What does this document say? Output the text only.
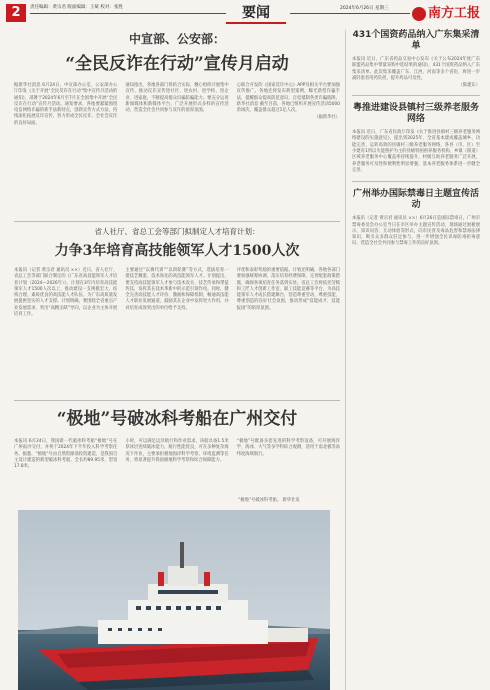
2	责任编辑：黄宗君 版面编辑：王斌 校对：张胜	要闻	2024年6月26日 星期三	南方工报
中宣部、公安部：
“全民反诈在行动”宣传月启动
据新华社消息 6月24日，中宣部办公室、公安部办公厅印发《关于开展“全民反诈在行动”集中宣传月活动的通知》，部署于2024年6月至7月在全国集中开展“全民反诈在行动”宣传月活动。通知要求，各地要紧紧围绕电信网络诈骗的新手法新特点，创新宣传方式方法，持续深化拓展反诈宣传，努力形成全民反诈、全社会反诈的良好局面。
通知指出，各地各部门将结合实际，精心组织开展集中宣传，推动反诈宣传进社区、进农村、进学校、进企业、进家庭，不断提高群众识骗防骗能力。要充分运用新闻媒体和新媒体平台，广泛开展形式多样的宣传活动，营造全社会共同参与反诈的浓厚氛围。
心联合开发的《国家反诈中心》APP及相关平台要加强宣传推广。各地还将发布典型案例，曝光新型诈骗手法，提醒群众提高防范意识，自觉抵制各类诈骗陷阱。新华社消息 截至目前，各地已组织开展宣传活动5000余场次，覆盖群众超过1亿人次。
（据新华社）
省人社厅、省总工会等部门拟制定人才培育计划：
力争3年培育高技能领军人才1500人次
本报讯（记者 黄宗君 通讯员 ××）近日，省人社厅、省总工会等部门联合制定的《广东省高技能领军人才培育计划（2024—2026年）》，计划在3年内培育高技能领军人才1500人次以上，推动建设一支规模宏大、结构合理、素质优良的高技能人才队伍，为广东高质量发展提供坚实的人才支撑。计划明确，要围绕全省重点产业发展需求，突出“高精尖缺”导向，以企业为主体开展培育工作。
主要通过“以赛代训”“以训促赛”等方式，选拔培育一批技艺精湛、技术领先的高技能领军人才。计划提出，要支持高技能领军人才参与技术攻关、技艺传承和带徒传技，发挥其在技术革新中的示范引领作用。同时，健全完善高技能人才评价、激励和保障机制，畅通高技能人才职业发展通道，鼓励其在企业中发挥更大作用，并对培育成效突出的单位给予支持。
评优和表彰奖励的重要依据。计划还明确，各地各部门要加强统筹协调，落实培育经费保障，完善配套政策措施，确保各项培育任务落到实处。省总工会将依托劳模和工匠人才创新工作室、职工技能竞赛等平台，为高技能领军人才成长搭建舞台，营造尊重劳动、尊重技能、尊重创造的良好社会氛围，推动形成“技能成才、技能报国”的浓厚氛围。
“极地”号破冰科考船在广州交付
本报讯 6月24日，我国新一代破冰科考船“极地”号在广州南沙交付，并将于2024年下半年投入科学考察任务。据悉，“极地”号由自然资源部投资建造，是我国自主设计建造的新型破冰科考船，全长约89.95米，型宽17.8米。
小时，可以满足远洋航行和作业需求。该船具备1.5米厚冰层连续破冰能力，航行性能优良，可在多种复杂海况下作业，主要承担极地海洋科学考察、环境监测等任务，将显著提升我国极地科学考察和综合保障能力。
“极地”号配备多套先进的科学考察设备，可开展海洋学、海冰、大气等多学科综合观测，适用于南北极等高纬度海域航行。
“极地”号破冰科考船。 新华社发
431个国资药品纳入广东集采清单
本报讯 近日，广东省药品交易中心发布《关于公布2024年度广东联盟药品集中带量采购中选结果的通知》，431个国资药品纳入广东集采清单。此次集采覆盖广东、江西、河南等多个省份，将进一步减轻患者用药负担，提升药品可及性。
（陈建东）
粤推进建设县镇村三级养老服务网络
本报讯 近日，广东省民政厅印发《关于推进县镇村三级养老服务网络建设的实施意见》，提出到2025年，全省基本建成覆盖城乡、功能完善、运转高效的县镇村三级养老服务网络，各县（市、区）至少建有1所以失能照护为主的县级特困供养服务机构，乡镇（街道）区域养老服务中心覆盖率持续提升，村级互助养老服务广泛开展，养老服务可及性和便利性明显增强，基本养老服务体系进一步健全完善。
广州举办国际禁毒日主题宣传活动
本报讯（记者 黄宗君 通讯员 ××）6月26日是国际禁毒日，广州市禁毒委员会办公室当日在市区举办主题宣传活动，现场通过展板展示、知识问答、互动体验等形式，向市民普及毒品危害和禁毒法律知识，吸引众多群众驻足参与，进一步增强全民识毒防毒拒毒意识，营造全社会共同参与禁毒工作的良好氛围。
